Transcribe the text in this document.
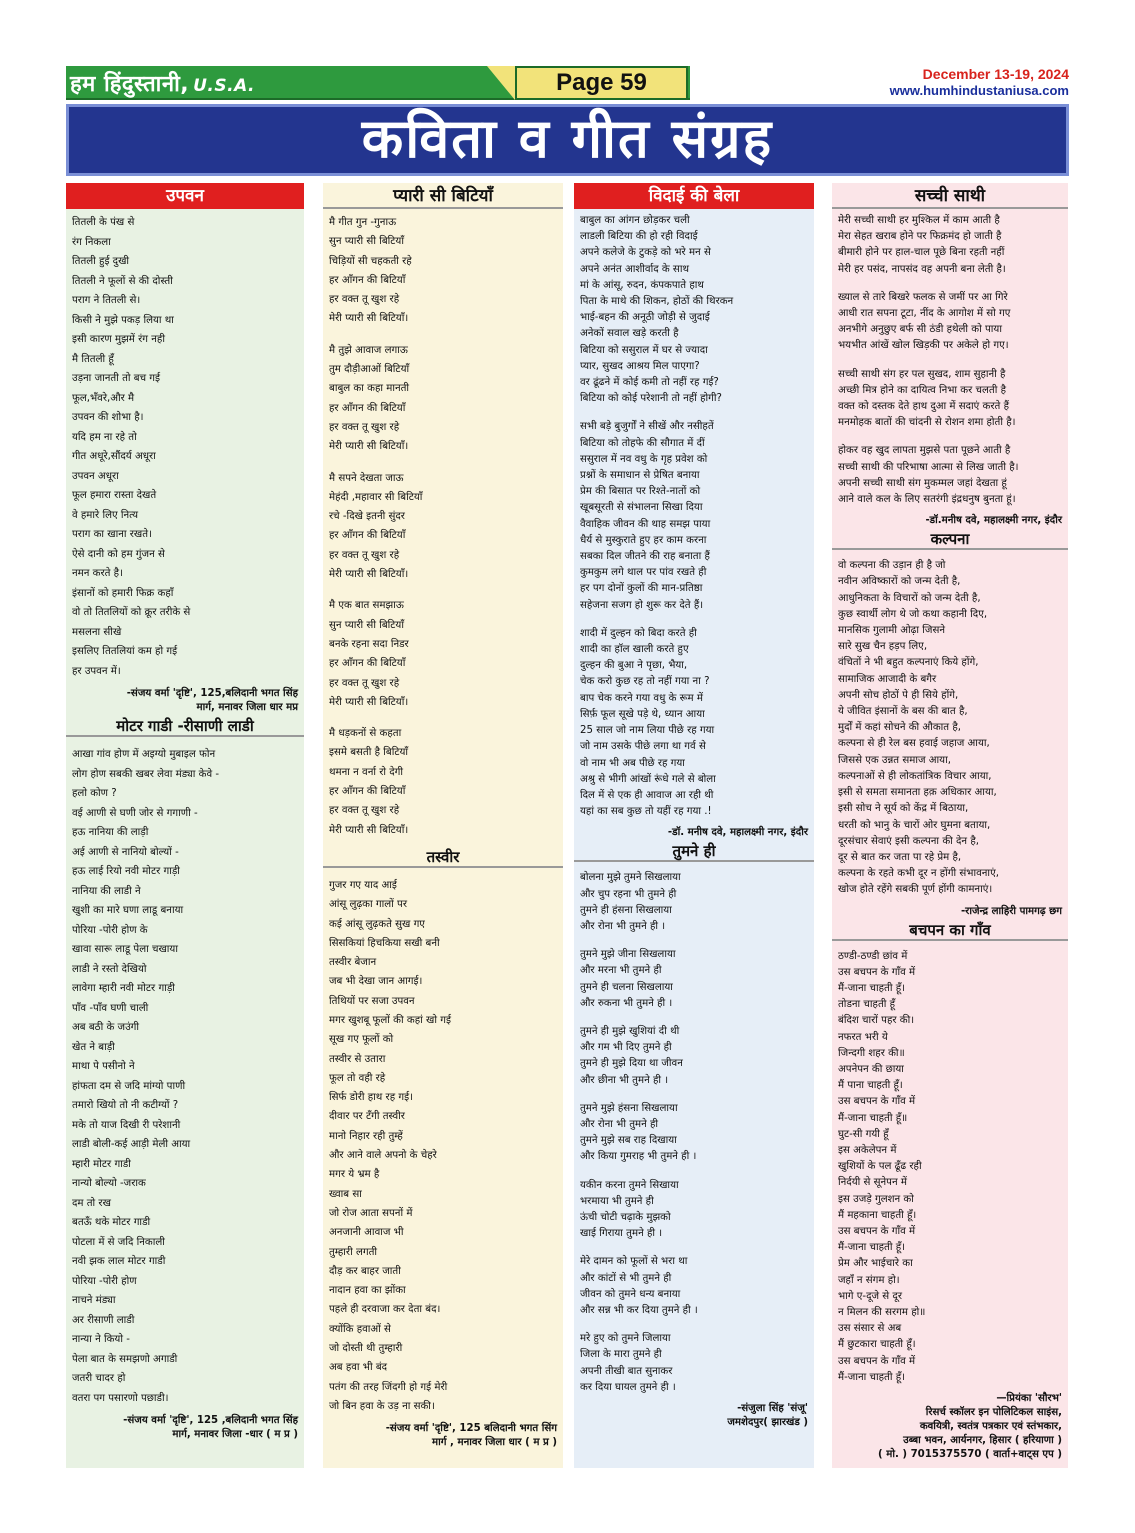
हम हिंदुस्तानी, U.S.A.	Page 59	December 13-19, 2024
www.humhindustaniusa.com
कविता व गीत संग्रह
उपवन
तितली के पंख से
रंग निकला
तितली हुई दुखी
तितली ने फूलों से की दोस्ती
पराग ने तितली से।
किसी ने मुझे पकड़ लिया था
इसी कारण मुझमें रंग नही
मै तितली हूँ
उड़ना जानती तो बच गई
फूल,भँवरे,और मै
उपवन की शोभा है।
यदि हम ना रहे तो
गीत अधूरे,सौंदर्य अधूरा
उपवन अधूरा
फूल हमारा रास्ता देखते
वे हमारे लिए नित्य
पराग का खाना रखते।
ऐसे दानी को हम गुंजन से
नमन करते है।
इंसानों को हमारी फिक्र कहाँ
वो तो तितलियों को क्रूर तरीके से
मसलना सीखे
इसलिए तितलियां कम हो गई
हर उपवन में।
-संजय वर्मा 'दृष्टि', 125,बलिदानी भगत सिंह
मार्ग, मनावर जिला धार मप्र
मोटर गाडी -रीसाणी लाडी
आखा गांव होण में अइग्यो मुबाइल फोन
लोग होण सबकी खबर लेवा मंड्या केवे -
हलो कोण ?
वई आणी से घणी जोर से गगाणी -
हऊ नानिया की लाड़ी
अई आणी से नानियो बोल्यों -
हऊ लाई रियो नवी मोटर गाड़ी
नानिया की लाडी ने
खुशी का मारे घणा लाडू बनाया
पोरिया -पोरी होण के
खावा सारू लाडू पेला चखाया
लाडी ने रस्तो देखियो
लावेगा म्हारी नवी मोटर गाड़ी
पाँव -पाँव घणी चाली
अब बठी के जउंगी
खेत ने बाड़ी
माथा पे पसीनो ने
हांफता दम से जदि मांग्यो पाणी
तमारो खियो तो नी कटीग्यों ?
मके तो याज दिखी री परेशानी
लाडी बोली-कई आड़ी मेली आया
म्हारी मोटर गाडी
नान्यो बोल्यो -जराक
दम तो रख
बतऊँ थके मोटर गाडी
पोटला में से जदि निकाली
नवी झक लाल मोटर गाडी
पोरिया -पोरी होण
नाचने मंड्या
अर रीसाणी लाडी
नान्या ने कियो -
पेला बात के समझणो अगाडी
जतरी चादर हो
वतरा पग पसारणो पछाडी।
-संजय वर्मा 'दृष्टि', 125 ,बलिदानी भगत सिंह
मार्ग, मनावर जिला -धार ( म प्र )
प्यारी सी बिटियाँ
मै गीत गुन -गुनाऊ
सुन प्यारी सी बिटियाँ
चिड़ियों सी चहकती रहे
हर आँगन की बिटियाँ
हर वक्त तू खुश रहे
मेरी प्यारी सी बिटियाँ।
मै तुझे आवाज लगाऊ
तुम दौड़ीआओं बिटियाँ
बाबुल का कहा मानती
हर आँगन की बिटियाँ
हर वक्त तू खुश रहे
मेरी प्यारी सी बिटियाँ।
मै सपने देखता जाऊ
मेहंदी ,महावार सी बिटियाँ
रचे -दिखे इतनी सुंदर
हर आँगन की बिटियाँ
हर वक्त तू खुश रहे
मेरी प्यारी सी बिटियाँ।
मै एक बात समझाऊ
सुन प्यारी सी बिटियाँ
बनके रहना सदा निडर
हर आँगन की बिटियाँ
हर वक्त तू खुश रहे
मेरी प्यारी सी बिटियाँ।
मै धड़कनों से कहता
इसमे बसती है बिटियाँ
थमना न वर्ना रो देगी
हर आँगन की बिटियाँ
हर वक्त तू खुश रहे
मेरी प्यारी सी बिटियाँ।
तस्वीर
गुजर गए याद आई
आंसू लुढ़का गालों पर
कई आंसू लुढ़कते सुख गए
सिसकियां हिचकिया सखी बनी
तस्वीर बेजान
जब भी देखा जान आगई।
तिथियों पर सजा उपवन
मगर खुशबू फूलों की कहां खो गई
सूख गए फूलों को
तस्वीर से उतारा
फूल तो वही रहे
सिर्फ डोरी हाथ रह गई।
दीवार पर टँगी तस्वीर
मानो निहार रही तुम्हें
और आने वाले अपनो के चेहरे
मगर ये भ्रम है
ख्वाब सा
जो रोज आता सपनों में
अनजानी आवाज भी
तुम्हारी लगती
दौड़ कर बाहर जाती
नादान हवा का झोंका
पहले ही दरवाजा कर देता बंद।
क्योंकि हवाओं से
जो दोस्ती थी तुम्हारी
अब हवा भी बंद
पतंग की तरह जिंदगी हो गई मेरी
जो बिन हवा के उड़ ना सकी।
-संजय वर्मा 'दृष्टि', 125 बलिदानी भगत सिंग
मार्ग , मनावर जिला धार ( म प्र )
विदाई की बेला
बाबुल का आंगन छोड़कर चली
लाडली बिटिया की हो रही विदाई
अपने कलेजे के टुकड़े को भरे मन से
अपने अनंत आशीर्वाद के साथ
मां के आंसू, रुदन, कंपकपाते हाथ
पिता के माथे की शिकन, होठों की थिरकन
भाई-बहन की अनूठी जोड़ी से जुदाई
अनेकों सवाल खड़े करती है
बिटिया को ससुराल में घर से ज्यादा
प्यार, सुखद आश्रय मिल पाएगा?
वर ढूंढने में कोई कमी तो नहीं रह गई?
बिटिया को कोई परेशानी तो नहीं होगी?
सभी बड़े बुजुर्गों ने सीखें और नसीहतें
बिटिया को तोहफे की सौगात में दीं
ससुराल में नव वधु के गृह प्रवेश को
प्रश्नों के समाधान से प्रेषित बनाया
प्रेम की बिसात पर रिश्ते-नातों को
खूबसूरती से संभालना सिखा दिया
वैवाहिक जीवन की थाह समझ पाया
धैर्य से मुस्कुराते हुए हर काम करना
सबका दिल जीतने की राह बनाता हैं
कुमकुम लगे थाल पर पांव रखते ही
हर पग दोनों कुलों की मान-प्रतिष्ठा
सहेजना सजग हो शुरू कर देते हैं।
शादी में दुल्हन को बिदा करते ही
शादी का हॉल खाली करते हुए
दुल्हन की बुआ ने पृछा, भैया,
चेक करो कुछ रह तो नहीं गया ना ?
बाप चेक करने गया वधु के रूम में
सिर्फ़ फूल सूखे पड़े थे, ध्यान आया
25 साल जो नाम लिया पीछे रह गया
जो नाम उसके पीछे लगा था गर्व से
वो नाम भी अब पीछे रह गया
अश्रु से भीगी आंखों रूंधे गले से बोला
दिल में से एक ही आवाज आ रही थी
यहां का सब कुछ तो यहीं रह गया .!
-डॉ. मनीष दवे, महालक्ष्मी नगर, इंदौर
तुमने ही
बोलना मुझे तुमने सिखलाया
और चुप रहना भी तुमने ही
तुमने ही हंसना सिखलाया
और रोना भी तुमने ही ।
तुमने मुझे जीना सिखलाया
और मरना भी तुमने ही
तुमने ही चलना सिखलाया
और रुकना भी तुमने ही ।
तुमने ही मुझे खुशियां दी थी
और गम भी दिए तुमने ही
तुमने ही मुझे दिया था जीवन
और छीना भी तुमने ही ।
तुमने मुझे हंसना सिखलाया
और रोना भी तुमने ही
तुमने मुझे सब राह दिखाया
और किया गुमराह भी तुमने ही ।
यकीन करना तुमने सिखाया
भरमाया भी तुमने ही
ऊंची चोटी चढ़ाके मुझको
खाई गिराया तुमने ही ।
मेरे दामन को फूलों से भरा था
और कांटों से भी तुमने ही
जीवन को तुमने धन्य बनाया
और सन्न भी कर दिया तुमने ही ।
मरे हुए को तुमने जिलाया
जिला के मारा तुमने ही
अपनी तीखी बात सुनाकर
कर दिया घायल तुमने ही ।
-संजुला सिंह 'संजू'
जमशेदपुर( झारखंड )
सच्ची साथी
मेरी सच्ची साथी हर मुश्किल में काम आती है
मेरा सेहत खराब होने पर फिक्रमंद हो जाती है
बीमारी होने पर हाल-चाल पूछे बिना रहती नहीं
मेरी हर पसंद, नापसंद वह अपनी बना लेती है।
ख्याल से तारे बिखरे फलक से जमीं पर आ गिरे
आधी रात सपना टूटा, नींद के आगोश में सो गए
अनभीगे अनुछुए बर्फ सी ठंडी हथेली को पाया
भयभीत आंखें खोल खिड़की पर अकेले हो गए।
सच्ची साथी संग हर पल सुखद, शाम सुहानी है
अच्छी मित्र होने का दायित्व निभा कर चलती है
वक्त को दस्तक देते हाथ दुआ में सदाएं करते हैं
मनमोहक बातों की चांदनी से रोशन शमा होती है।
होकर वह खुद लापता मुझसे पता पूछने आती है
सच्ची साथी की परिभाषा आत्मा से लिख जाती है।
अपनी सच्ची साथी संग मुकम्मल जहां देखता हूं
आने वाले कल के लिए सतरंगी इंद्रधनुष बुनता हूं।
-डॉ.मनीष दवे, महालक्ष्मी नगर, इंदौर
कल्पना
वो कल्पना की उड़ान ही है जो
नवीन अविष्कारों को जन्म देती है,
आधुनिकता के विचारों को जन्म देती है,
कुछ स्वार्थी लोग थे जो कथा कहानी दिए,
मानसिक गुलामी ओढ़ा जिसने
सारे सुख चैन हड़प लिए,
वंचितों ने भी बहुत कल्पनाएं किये होंगे,
सामाजिक आजादी के बगैर
अपनी सोच होठों पे ही सिये होंगे,
ये जीवित इंसानों के बस की बात है,
मुर्दों में कहां सोचने की औकात है,
कल्पना से ही रेल बस हवाई जहाज आया,
जिससे एक उन्नत समाज आया,
कल्पनाओं से ही लोकतांत्रिक विचार आया,
इसी से समता समानता हक़ अधिकार आया,
इसी सोच ने सूर्य को केंद्र में बिठाया,
धरती को भानु के चारों ओर घुमना बताया,
दूरसंचार सेवाएं इसी कल्पना की देन है,
दूर से बात कर जता पा रहे प्रेम है,
कल्पना के रहते कभी दूर न होंगी संभावनाएं,
खोज होते रहेंगे सबकी पूर्ण होंगी कामनाएं।
-राजेन्द्र लाहिरी पामगढ़ छग
बचपन का गाँव
ठण्डी-ठण्डी छांव में
उस बचपन के गाँव में
मैं-जाना चाहती हूँ।
तोडना चाहती हूँ
बंदिश चारों पहर की।
नफरत भरी ये
जिन्दगी शहर की॥
अपनेपन की छाया
मैं पाना चाहती हूँ।
उस बचपन के गाँव में
मैं-जाना चाहती हूँ॥
घुट-सी गयी हूँ
इस अकेलेपन में
खुशियों के पल ढूँढ रही
निर्दयी से सूनेपन में
इस उजड़े गुलशन को
मैं महकाना चाहती हूँ।
उस बचपन के गाँव में
मैं-जाना चाहती हूँ।
प्रेम और भाईचारे का
जहाँ न संगम हो।
भागे ए-दूजे से दूर
न मिलन की सरगम हो॥
उस संसार से अब
मैं छुटकारा चाहती हूँ।
उस बचपन के गाँव में
मैं-जाना चाहती हूँ।
—प्रियंका 'सौरभ'
रिसर्च स्कॉलर इन पोलिटिकल साइंस,
कवयित्री, स्वतंत्र पत्रकार एवं स्तंभकार,
उब्बा भवन, आर्यनगर, हिसार ( हरियाणा )
( मो. ) 7015375570 ( वार्ता+वाट्स एप )
